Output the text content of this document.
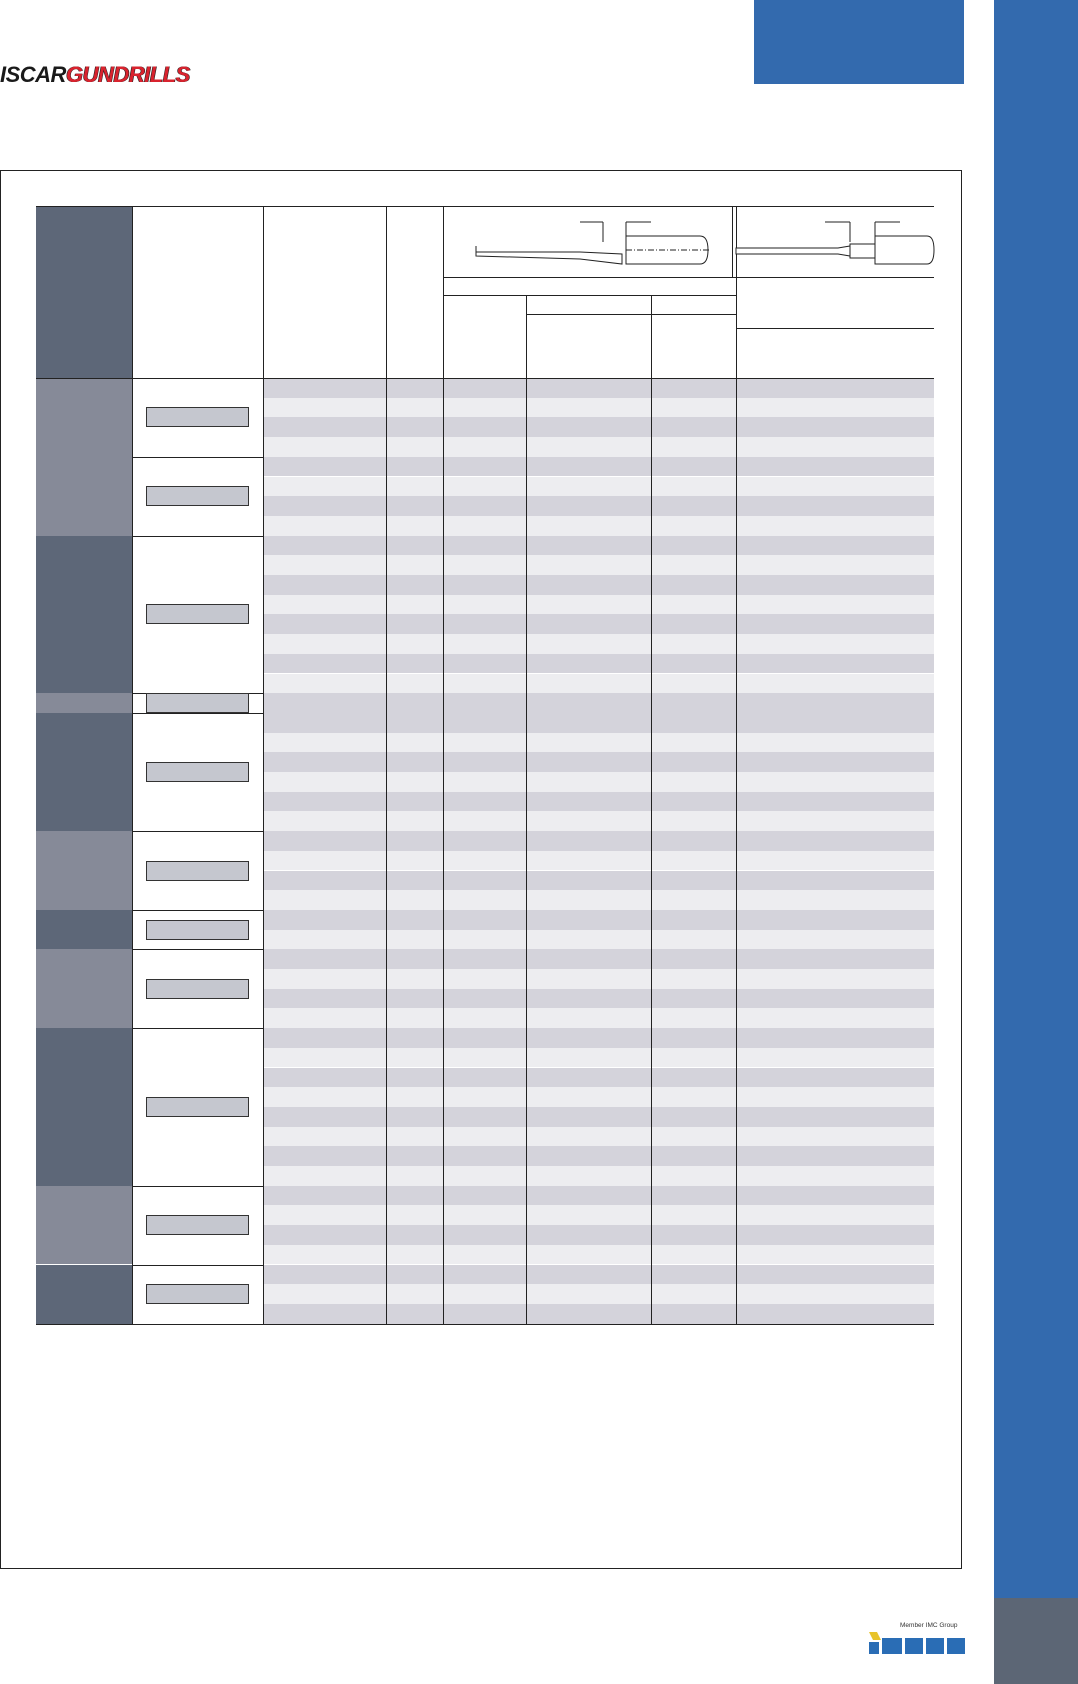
ISCARGUNDRILLS
Member IMC Group
